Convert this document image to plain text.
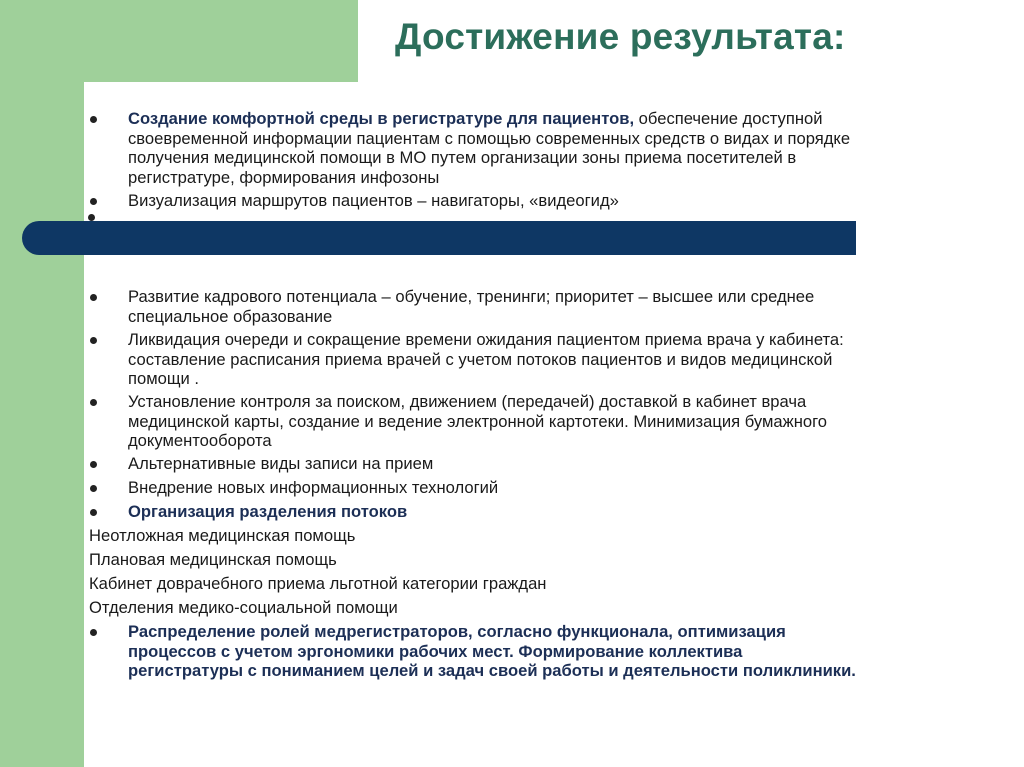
Достижение результата:
Создание комфортной среды в регистратуре для пациентов, обеспечение доступной
своевременной информации пациентам с помощью современных средств о видах и порядке
получения медицинской помощи в МО путем организации зоны приема посетителей в
регистратуре, формирования инфозоны
Визуализация маршрутов пациентов – навигаторы, «видеогид»
Развитие кадрового потенциала – обучение, тренинги; приоритет – высшее или среднее
специальное образование
Ликвидация очереди и сокращение времени ожидания пациентом приема врача у кабинета:
составление расписания приема врачей с учетом потоков пациентов и видов медицинской
помощи .
Установление контроля за поиском, движением (передачей) доставкой в кабинет врача
медицинской карты, создание и ведение электронной картотеки. Минимизация бумажного
документооборота
Альтернативные виды записи на прием
Внедрение новых информационных технологий
Организация разделения потоков
Неотложная медицинская помощь
Плановая медицинская помощь
Кабинет доврачебного приема льготной категории граждан
Отделения медико-социальной помощи
Распределение ролей медрегистраторов, согласно функционала, оптимизация
процессов с учетом эргономики рабочих мест. Формирование коллектива
регистратуры с пониманием целей и задач своей работы и деятельности поликлиники.
